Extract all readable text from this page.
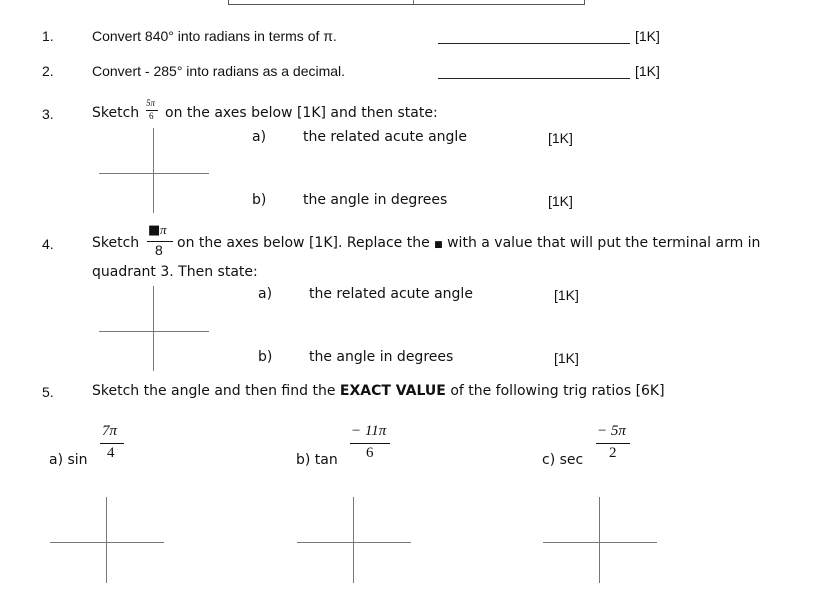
1.	Convert 840° into radians in terms of π.	[1K]
2.	Convert - 285° into radians as a decimal.	[1K]
3.	Sketch
5π
6 on the axes below [1K] and then state:
a)	the related acute angle	[1K]
b)	the angle in degrees	[1K]
4.	Sketch
■ π
8 on the axes below [1K]. Replace the ■ with a value that will put the terminal arm in
quadrant 3. Then state:
a)	the related acute angle	[1K]
b)	the angle in degrees	[1K]
5.	Sketch the angle and then find the EXACT VALUE of the following trig ratios [6K]
a) sin
7π
4	b) tan
− 11π
6	c) sec
− 5π
2
